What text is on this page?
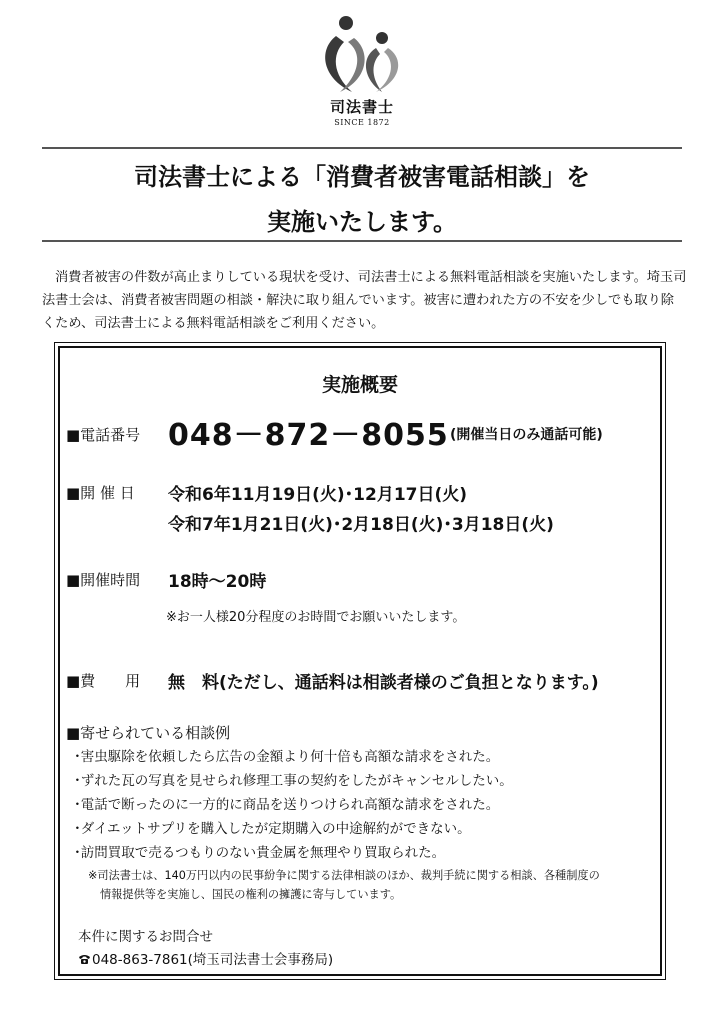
司法書士
SINCE 1872
司法書士による「消費者被害電話相談」を
実施いたします。

消費者被害の件数が高止まりしている現状を受け、司法書士による無料電話相談を実施いたします。埼玉司法書士会は、消費者被害問題の相談・解決に取り組んでいます。被害に遭われた方の不安を少しでも取り除くため、司法書士による無料電話相談をご利用ください。

実施概要
■電話番号 048－872－8055 (開催当日のみ通話可能)
■開 催 日 令和6年11月19日(火)･12月17日(火)
令和7年1月21日(火)･2月18日(火)･3月18日(火)
■開催時間 18時～20時
※お一人様20分程度のお時間でお願いいたします。
■費　　用 無　料(ただし、通話料は相談者様のご負担となります。)
■寄せられている相談例
･害虫駆除を依頼したら広告の金額より何十倍も高額な請求をされた。
･ずれた瓦の写真を見せられ修理工事の契約をしたがキャンセルしたい。
･電話で断ったのに一方的に商品を送りつけられ高額な請求をされた。
･ダイエットサプリを購入したが定期購入の中途解約ができない。
･訪問買取で売るつもりのない貴金属を無理やり買取られた。
※司法書士は、140万円以内の民事紛争に関する法律相談のほか、裁判手続に関する相談、各種制度の
情報提供等を実施し、国民の権利の擁護に寄与しています。
本件に関するお問合せ
048-863-7861(埼玉司法書士会事務局)
